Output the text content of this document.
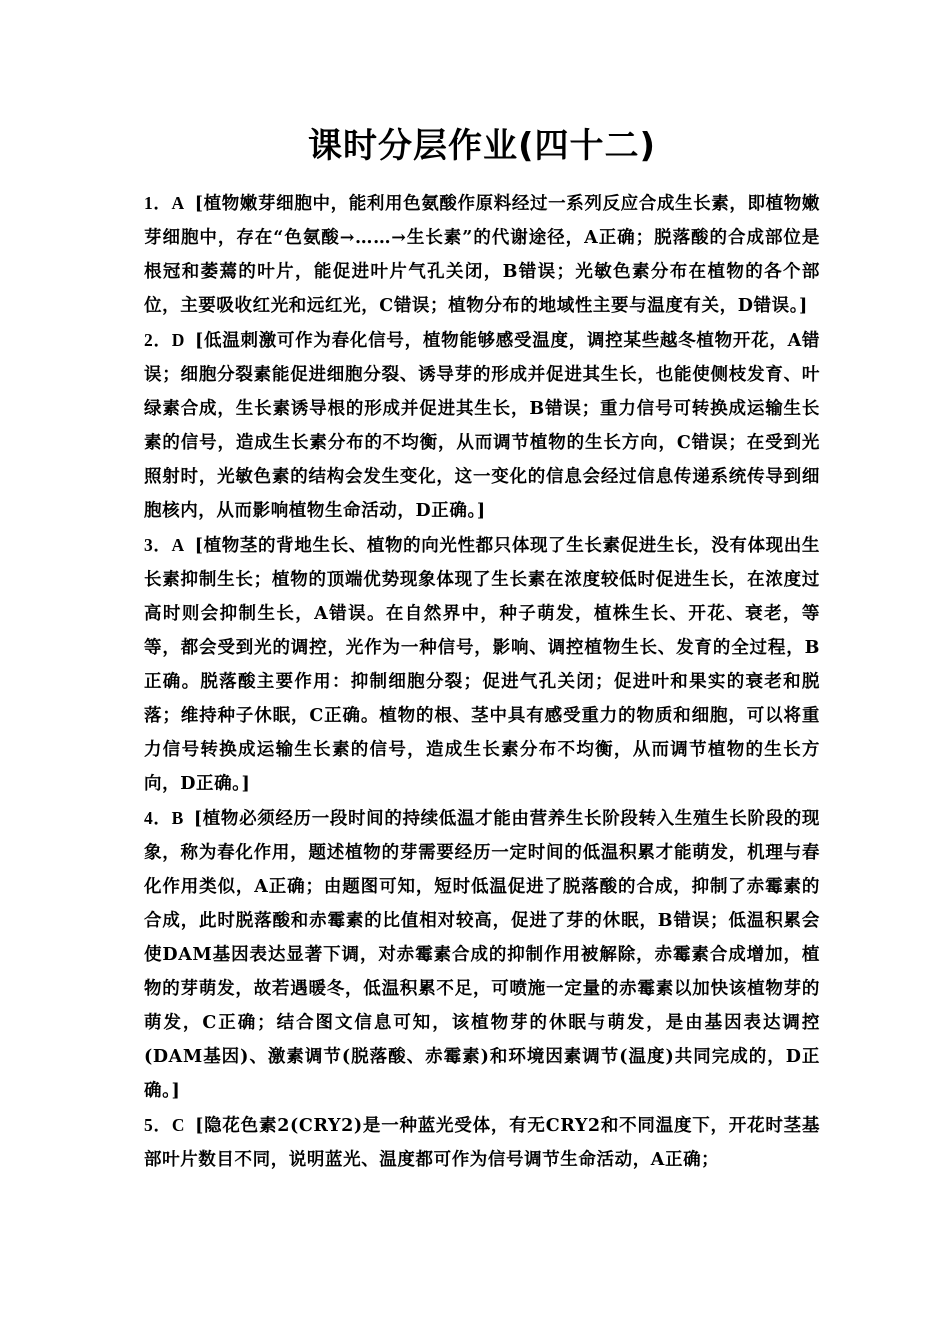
课时分层作业(四十二)

1．A [植物嫩芽细胞中，能利用色氨酸作原料经过一系列反应合成生长素，即植物嫩芽细胞中，存在“色氨酸→……→生长素”的代谢途径，A正确；脱落酸的合成部位是根冠和萎蔫的叶片，能促进叶片气孔关闭，B错误；光敏色素分布在植物的各个部位，主要吸收红光和远红光，C错误；植物分布的地域性主要与温度有关，D错误。]

2．D [低温刺激可作为春化信号，植物能够感受温度，调控某些越冬植物开花，A错误；细胞分裂素能促进细胞分裂、诱导芽的形成并促进其生长，也能使侧枝发育、叶绿素合成，生长素诱导根的形成并促进其生长，B错误；重力信号可转换成运输生长素的信号，造成生长素分布的不均衡，从而调节植物的生长方向，C错误；在受到光照射时，光敏色素的结构会发生变化，这一变化的信息会经过信息传递系统传导到细胞核内，从而影响植物生命活动，D正确。]

3．A [植物茎的背地生长、植物的向光性都只体现了生长素促进生长，没有体现出生长素抑制生长；植物的顶端优势现象体现了生长素在浓度较低时促进生长，在浓度过高时则会抑制生长，A错误。在自然界中，种子萌发，植株生长、开花、衰老，等等，都会受到光的调控，光作为一种信号，影响、调控植物生长、发育的全过程，B正确。脱落酸主要作用：抑制细胞分裂；促进气孔关闭；促进叶和果实的衰老和脱落；维持种子休眠，C正确。植物的根、茎中具有感受重力的物质和细胞，可以将重力信号转换成运输生长素的信号，造成生长素分布不均衡，从而调节植物的生长方向，D正确。]

4．B [植物必须经历一段时间的持续低温才能由营养生长阶段转入生殖生长阶段的现象，称为春化作用，题述植物的芽需要经历一定时间的低温积累才能萌发，机理与春化作用类似，A正确；由题图可知，短时低温促进了脱落酸的合成，抑制了赤霉素的合成，此时脱落酸和赤霉素的比值相对较高，促进了芽的休眠，B错误；低温积累会使DAM基因表达显著下调，对赤霉素合成的抑制作用被解除，赤霉素合成增加，植物的芽萌发，故若遇暖冬，低温积累不足，可喷施一定量的赤霉素以加快该植物芽的萌发，C正确；结合图文信息可知，该植物芽的休眠与萌发，是由基因表达调控(DAM基因)、激素调节(脱落酸、赤霉素)和环境因素调节(温度)共同完成的，D正确。]

5．C [隐花色素2(CRY2)是一种蓝光受体，有无CRY2和不同温度下，开花时茎基部叶片数目不同，说明蓝光、温度都可作为信号调节生命活动，A正确；
